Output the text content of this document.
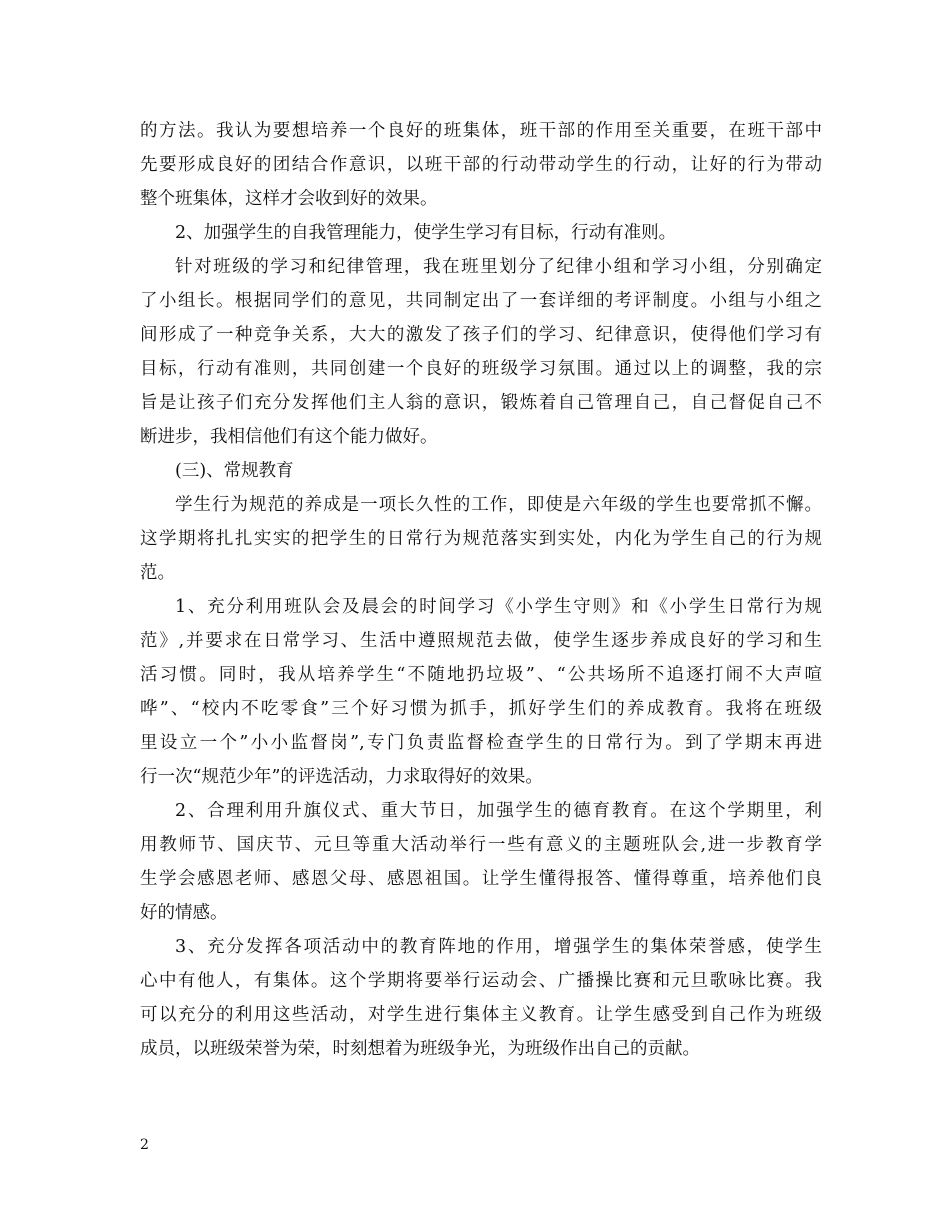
的方法。我认为要想培养一个良好的班集体，班干部的作用至关重要，在班干部中
先要形成良好的团结合作意识，以班干部的行动带动学生的行动，让好的行为带动
整个班集体，这样才会收到好的效果。
2、加强学生的自我管理能力，使学生学习有目标，行动有准则。
针对班级的学习和纪律管理，我在班里划分了纪律小组和学习小组，分别确定
了小组长。根据同学们的意见，共同制定出了一套详细的考评制度。小组与小组之
间形成了一种竞争关系，大大的激发了孩子们的学习、纪律意识，使得他们学习有
目标，行动有准则，共同创建一个良好的班级学习氛围。通过以上的调整，我的宗
旨是让孩子们充分发挥他们主人翁的意识，锻炼着自己管理自己，自己督促自己不
断进步，我相信他们有这个能力做好。
(三)、常规教育
学生行为规范的养成是一项长久性的工作，即使是六年级的学生也要常抓不懈。
这学期将扎扎实实的把学生的日常行为规范落实到实处，内化为学生自己的行为规
范。
1、充分利用班队会及晨会的时间学习《小学生守则》和《小学生日常行为规
范》,并要求在日常学习、生活中遵照规范去做，使学生逐步养成良好的学习和生
活习惯。同时，我从培养学生“不随地扔垃圾”、“公共场所不追逐打闹不大声喧
哗”、“校内不吃零食”三个好习惯为抓手，抓好学生们的养成教育。我将在班级
里设立一个”小小监督岗”,专门负责监督检查学生的日常行为。到了学期末再进
行一次“规范少年”的评选活动，力求取得好的效果。
2、合理利用升旗仪式、重大节日，加强学生的德育教育。在这个学期里，利
用教师节、国庆节、元旦等重大活动举行一些有意义的主题班队会,进一步教育学
生学会感恩老师、感恩父母、感恩祖国。让学生懂得报答、懂得尊重，培养他们良
好的情感。
3、充分发挥各项活动中的教育阵地的作用，增强学生的集体荣誉感，使学生
心中有他人，有集体。这个学期将要举行运动会、广播操比赛和元旦歌咏比赛。我
可以充分的利用这些活动，对学生进行集体主义教育。让学生感受到自己作为班级
成员，以班级荣誉为荣，时刻想着为班级争光，为班级作出自己的贡献。
2
